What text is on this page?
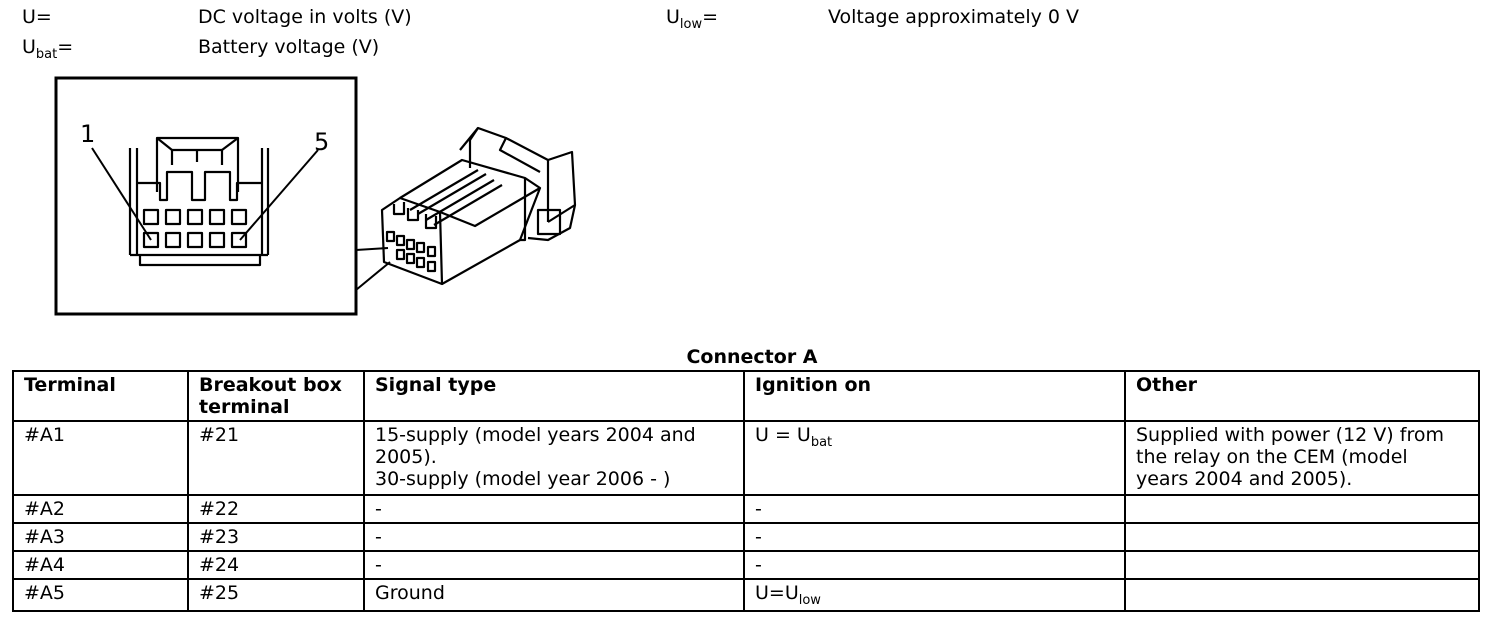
U=	DC voltage in volts (V)
$U_{bat}=$	Battery voltage (V)
$U_{low}=$	Voltage approximately 0 V
1	5
Connector A
Terminal	Breakout box terminal	Signal type	Ignition on	Other
#A1	#21	15-supply (model years 2004 and
2005).
30-supply (model year 2006 - )	$U = U_{bat}$	Supplied with power (12 V) from
the relay on the CEM (model
years 2004 and 2005).

#A2	#22	-	-	
#A3	#23	-	-	
#A4	#24	-	-	
#A5	#25	Ground	$U=U_{low}$	
